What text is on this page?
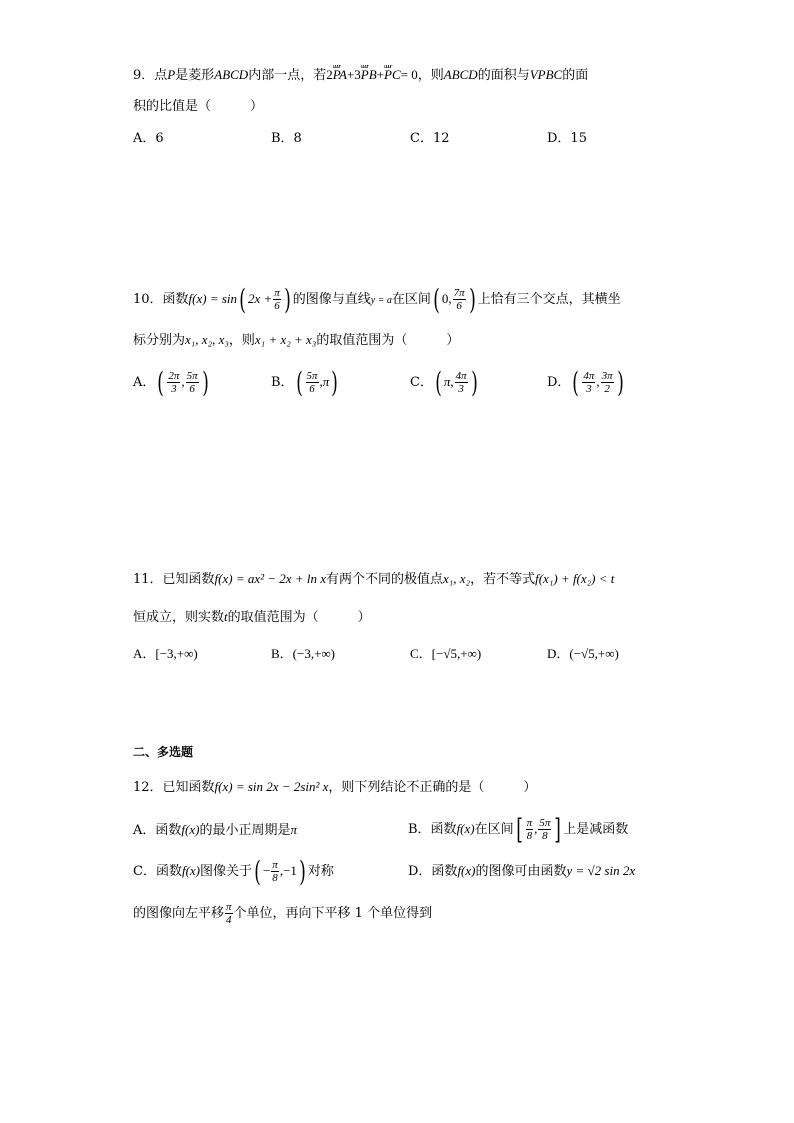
9．点P是菱形ABCD内部一点，若2uuur PA+3uuur PB+uuur PC= 0，则ABCD的面积与VPBC的面
积的比值是（　　　）
A．6	B．8	C．12	D．15
10．函数f(x) = sin( $2x + \frac{\pi}{6}$ ) 的图像与直线y = a在区间( 0, $\frac{7\pi}{6}$ ) 上恰有三个交点，其横坐
标分别为x₁, x₂, x₃，则x₁ + x₂ + x₃的取值范围为（　　　）
A．( $\frac{2\pi}{3}$ , $\frac{5\pi}{6}$ )	B．( $\frac{5\pi}{6} ,\pi$)	C．( π, $\frac{4\pi}{3}$ )	D．( $\frac{4\pi}{3}$ , $\frac{3\pi}{2}$ )
11．已知函数f(x) = ax² − 2x + ln x有两个不同的极值点x₁, x₂，若不等式f(x₁) + f(x₂) < t
恒成立，则实数t的取值范围为（　　　）
A．[−3,+∞)	B．(−3,+∞)	C．[−√5,+∞)	D．(−√5,+∞)
二、多选题
12．已知函数f(x) = sin 2x − 2sin² x，则下列结论不正确的是（　　　）
A．函数f(x)的最小正周期是π	B．函数f(x)在区间[ $\frac{\pi}{8}$ , $\frac{5\pi}{8}$ ] 上是减函数
C．函数f(x)图像关于( − $\frac{\pi}{8} ,-1$) 对称	D．函数f(x)的图像可由函数y = √2 sin 2x
的图像向左平移 $\frac{\pi}{4}$ 个单位，再向下平移 1 个单位得到
